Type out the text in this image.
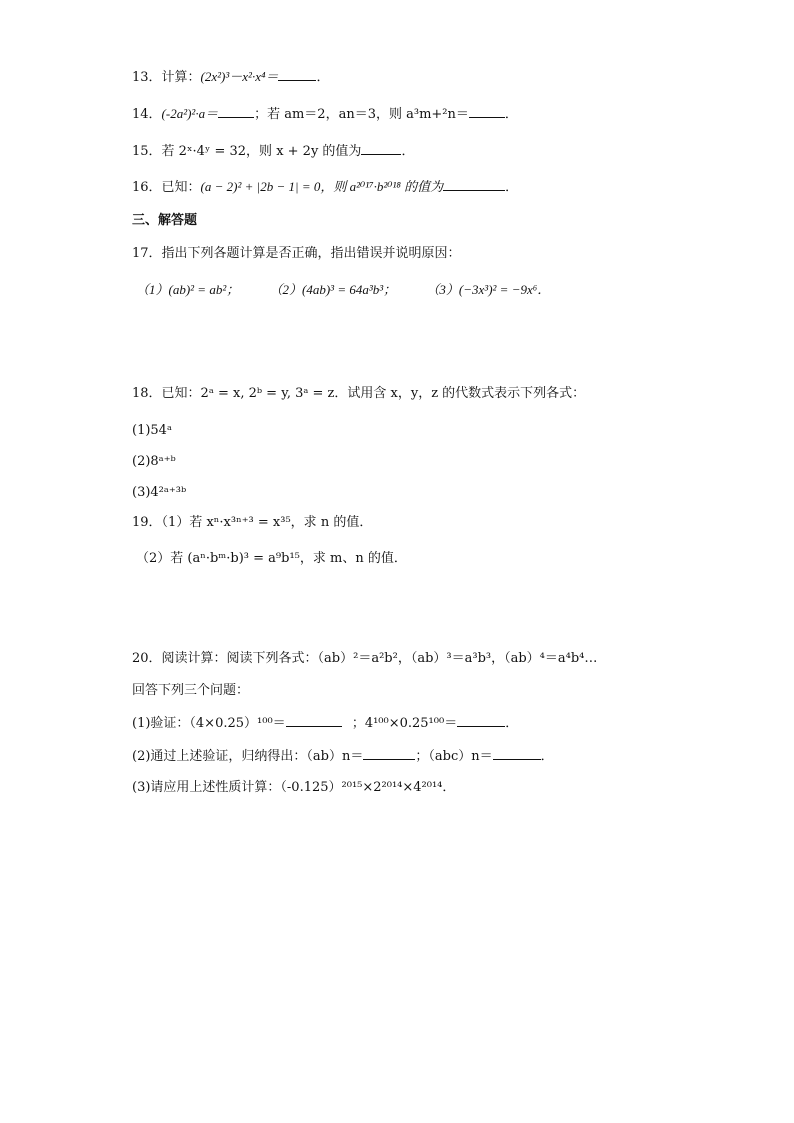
13．计算：(2x²)³－x²·x⁴＝	．
14．(-2a²)²·a＝	；若 am＝2，an＝3，则 a³m+²n＝	．
15．若 2ˣ·4ʸ = 32，则 x + 2y 的值为	．
16．已知：(a − 2)² + |2b − 1| = 0，则 a²⁰¹⁷·b²⁰¹⁸ 的值为	．
三、解答题
17．指出下列各题计算是否正确，指出错误并说明原因：
（1）(ab)² = ab²； （2）(4ab)³ = 64a³b³； （3）(−3x³)² = −9x⁶．
18．已知：2ᵃ = x, 2ᵇ = y, 3ᵃ = z．试用含 x，y，z 的代数式表示下列各式：
(1)54ᵃ
(2)8ᵃ⁺ᵇ
(3)4²ᵃ⁺³ᵇ
19．（1）若 xⁿ·x³ⁿ⁺³ = x³⁵，求 n 的值．
（2）若 (aⁿ·bᵐ·b)³ = a⁹b¹⁵，求 m、n 的值．
20．阅读计算：阅读下列各式：（ab）²＝a²b²，（ab）³＝a³b³，（ab）⁴＝a⁴b⁴…
回答下列三个问题：
(1)验证：（4×0.25）¹⁰⁰＝	；4¹⁰⁰×0.25¹⁰⁰＝	．
(2)通过上述验证，归纳得出：（ab）n＝	；（abc）n＝	．
(3)请应用上述性质计算：（-0.125）²⁰¹⁵×2²⁰¹⁴×4²⁰¹⁴．
